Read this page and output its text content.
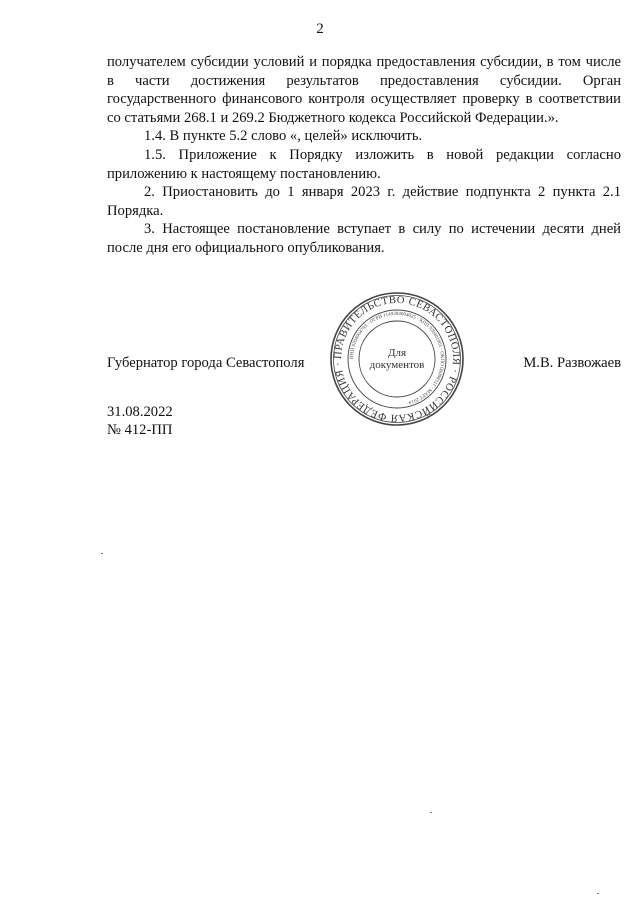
2

получателем субсидии условий и порядка предоставления субсидии, в том числе в части достижения результатов предоставления субсидии. Орган государственного финансового контроля осуществляет проверку в соответствии со статьями 268.1 и 269.2 Бюджетного кодекса Российской Федерации.».

1.4. В пункте 5.2 слово «, целей» исключить.

1.5. Приложение к Порядку изложить в новой редакции согласно приложению к настоящему постановлению.

2. Приостановить до 1 января 2023 г. действие подпункта 2 пункта 2.1 Порядка.

3. Настоящее постановление вступает в силу по истечении десяти дней после дня его официального опубликования.

Губернатор города Севастополя	М.В. Развожаев
ПРАВИТЕЛЬСТВО СЕВАСТОПОЛЯ · РОССИЙСКАЯ ФЕДЕРАЦИЯ ·
ИНН 9204004793 · ОГРН 1149204004025 · КПП 920401001 · ОКПО 00098311 · МАРТ 2014 ·
Для
документов
31.08.2022
№ 412-ПП
